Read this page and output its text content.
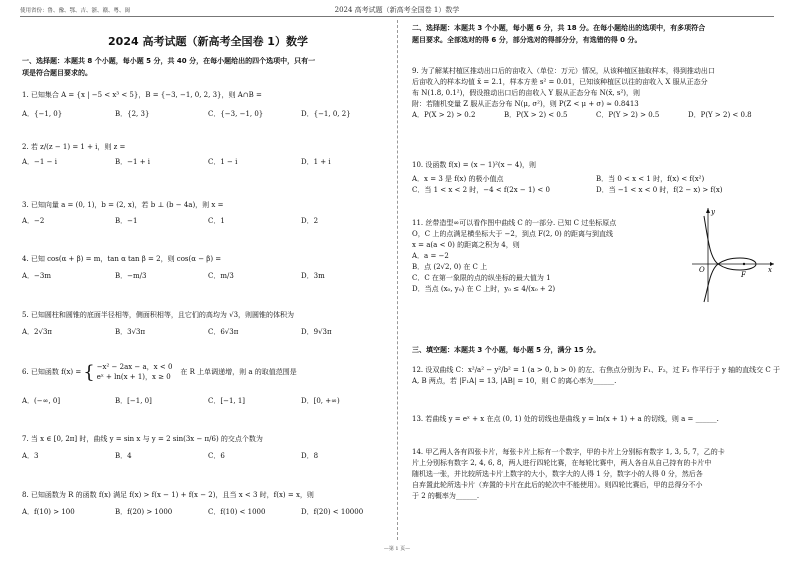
使用省份：鲁、豫、鄂、吉、浙、赣、粤、闽	2024 高考试题（新高考全国卷 1）数学
2024 高考试题（新高考全国卷 1）数学
一、选择题：本题共 8 个小题，每小题 5 分，共 40 分，在每小题给出的四个选项中，只有一
项是符合题目要求的。
1. 已知集合 A = {x | −5 < x³ < 5}，B = {−3, −1, 0, 2, 3}，则 A∩B =
A．{−1, 0}	B．{2, 3}	C．{−3, −1, 0}	D．{−1, 0, 2}
2. 若 z/(z − 1) = 1 + i，则 z =
A．−1 − i	B．−1 + i	C．1 − i	D．1 + i
3. 已知向量 a = (0, 1)，b = (2, x)，若 b ⊥ (b − 4a)，则 x =
A．−2	B．−1	C．1	D．2
4. 已知 cos(α + β) = m，tan α tan β = 2，则 cos(α − β) =
A．−3m	B．−m/3	C．m/3	D．3m
5. 已知圆柱和圆锥的底面半径相等，侧面积相等，且它们的高均为 √3，则圆锥的体积为
A．2√3π	B．3√3π	C．6√3π	D．9√3π
6. 已知函数 f(x) = { −x² − 2ax − a，x < 0
eˣ + ln(x + 1)，x ≥ 0
在 R 上单调递增，则 a 的取值范围是
A．(−∞, 0]	B．[−1, 0]	C．[−1, 1]	D．[0, +∞)
7. 当 x ∈ [0, 2π] 时，曲线 y = sin x 与 y = 2 sin(3x − π/6) 的交点个数为
A．3	B．4	C．6	D．8
8. 已知函数为 R 的函数 f(x) 满足 f(x) > f(x − 1) + f(x − 2)，且当 x < 3 时，f(x) = x，则
A．f(10) > 100	B．f(20) > 1000	C．f(10) < 1000	D．f(20) < 10000
二、选择题：本题共 3 个小题，每小题 6 分，共 18 分。在每小题给出的选项中，有多项符合
题目要求。全部选对的得 6 分，部分选对的得部分分，有选错的得 0 分。
9. 为了解某村植区推动出口后的亩收入（单位：万元）情况，从该种植区抽取样本，得到推动出口
后亩收入的样本均值 x̄ = 2.1，样本方差 s² = 0.01，已知该种植区以往的亩收入 X 服从正态分
布 N(1.8, 0.1²)，假设推动出口后的亩收入 Y 服从正态分布 N(x̄, s²)，则
附：若随机变量 Z 服从正态分布 N(μ, σ²)，则 P(Z < μ + σ) ≈ 0.8413
A．P(X > 2) > 0.2	B．P(X > 2) < 0.5	C．P(Y > 2) > 0.5	D．P(Y > 2) < 0.8
10. 设函数 f(x) = (x − 1)²(x − 4)，则
A．x = 3 是 f(x) 的极小值点	B．当 0 < x < 1 时，f(x) < f(x²)
C．当 1 < x < 2 时，−4 < f(2x − 1) < 0	D．当 −1 < x < 0 时，f(2 − x) > f(x)
11. 丝带造型∞可以看作图中曲线 C 的一部分. 已知 C 过坐标原点
O，C 上的点满足横坐标大于 −2，到点 F(2, 0) 的距离与到直线
x = a(a < 0) 的距离之积为 4，则
A．a = −2
B．点 (2√2, 0) 在 C 上
C．C 在第一象限的点的纵坐标的最大值为 1
D．当点 (x₀, y₀) 在 C 上时，y₀ ≤ 4/(x₀ + 2)
y
x
O
F
三、填空题：本题共 3 个小题，每小题 5 分，满分 15 分。
12. 设双曲线 C：x²/a² − y²/b² = 1 (a > 0, b > 0) 的左、右焦点分别为 F₁、F₂，过 F₂ 作平行于 y 轴的直线交 C 于
A, B 两点，若 |F₁A| = 13, |AB| = 10，则 C 的离心率为______.
13. 若曲线 y = eˣ + x 在点 (0, 1) 处的切线也是曲线 y = ln(x + 1) + a 的切线，则 a = ______.
14. 甲乙两人各有四张卡片，每张卡片上标有一个数字，甲的卡片上分别标有数字 1, 3, 5, 7，乙的卡
片上分别标有数字 2, 4, 6, 8，两人进行四轮比赛，在每轮比赛中，两人各自从自己持有的卡片中
随机选一张，并比较所选卡片上数字的大小，数字大的人得 1 分，数字小的人得 0 分，然后各
自弃置此轮所选卡片（弃置的卡片在此后的轮次中不能使用）。则四轮比赛后，甲的总得分不小
于 2 的概率为______.
—第 1 页—
